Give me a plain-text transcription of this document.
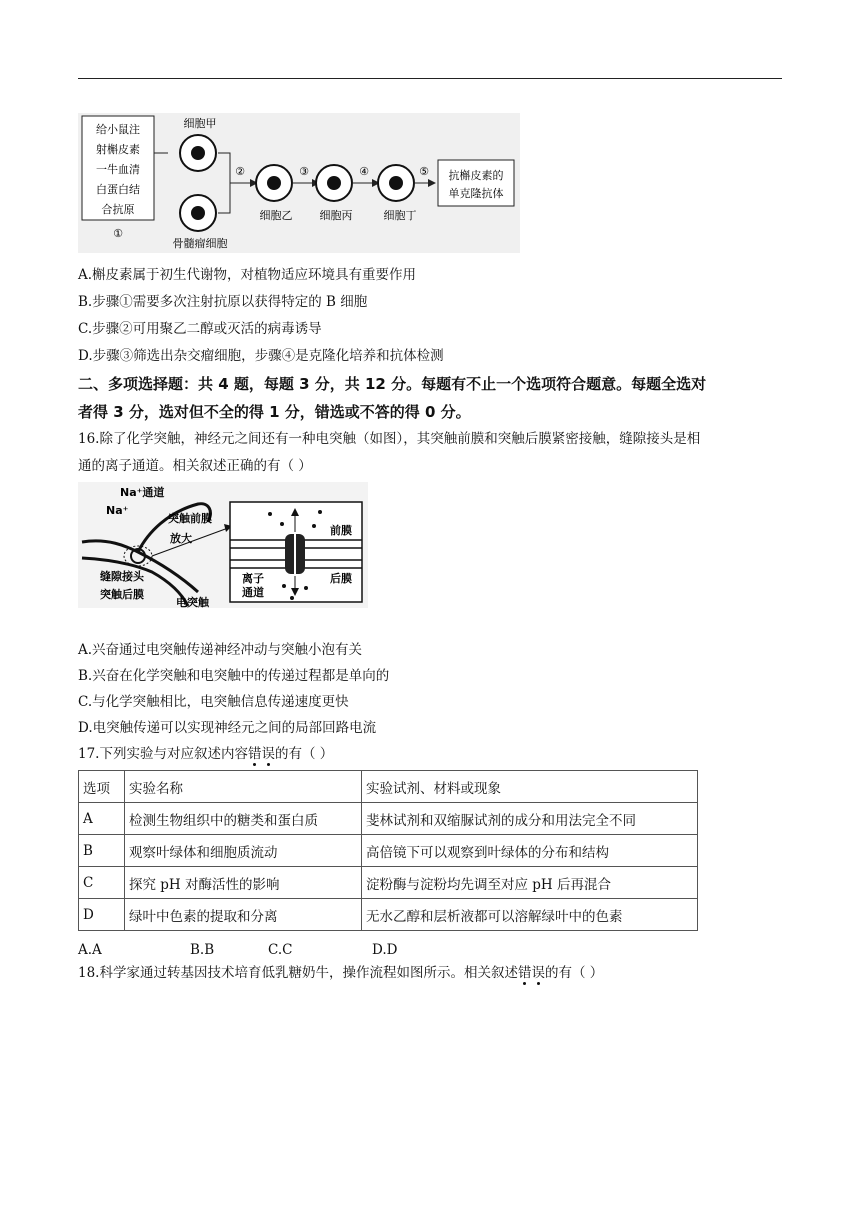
给小鼠注
射槲皮素
一牛血清
白蛋白结
合抗原
①
细胞甲
骨髓瘤细胞
②
细胞乙
③
细胞丙
④
细胞丁
⑤ 抗槲皮素的
单克隆抗体
A.槲皮素属于初生代谢物，对植物适应环境具有重要作用
B.步骤①需要多次注射抗原以获得特定的 B 细胞
C.步骤②可用聚乙二醇或灭活的病毒诱导
D.步骤③筛选出杂交瘤细胞，步骤④是克隆化培养和抗体检测
二、多项选择题：共 4 题，每题 3 分，共 12 分。每题有不止一个选项符合题意。每题全选对
者得 3 分，选对但不全的得 1 分，错选或不答的得 0 分。
16.除了化学突触，神经元之间还有一种电突触（如图），其突触前膜和突触后膜紧密接触，缝隙接头是相
通的离子通道。相关叙述正确的有（ ）
Na⁺通道
Na⁺
突触前膜
放大
缝隙接头
突触后膜
电突触
前膜
后膜
离子
通道
A.兴奋通过电突触传递神经冲动与突触小泡有关
B.兴奋在化学突触和电突触中的传递过程都是单向的
C.与化学突触相比，电突触信息传递速度更快
D.电突触传递可以实现神经元之间的局部回路电流
17.下列实验与对应叙述内容错误的有（ ）
选项	实验名称	实验试剂、材料或现象
A	检测生物组织中的糖类和蛋白质	斐林试剂和双缩脲试剂的成分和用法完全不同
B	观察叶绿体和细胞质流动	高倍镜下可以观察到叶绿体的分布和结构
C	探究 pH 对酶活性的影响	淀粉酶与淀粉均先调至对应 pH 后再混合
D	绿叶中色素的提取和分离	无水乙醇和层析液都可以溶解绿叶中的色素
A.A	B.B	C.C	D.D
18.科学家通过转基因技术培育低乳糖奶牛，操作流程如图所示。相关叙述错误的有（ ）
